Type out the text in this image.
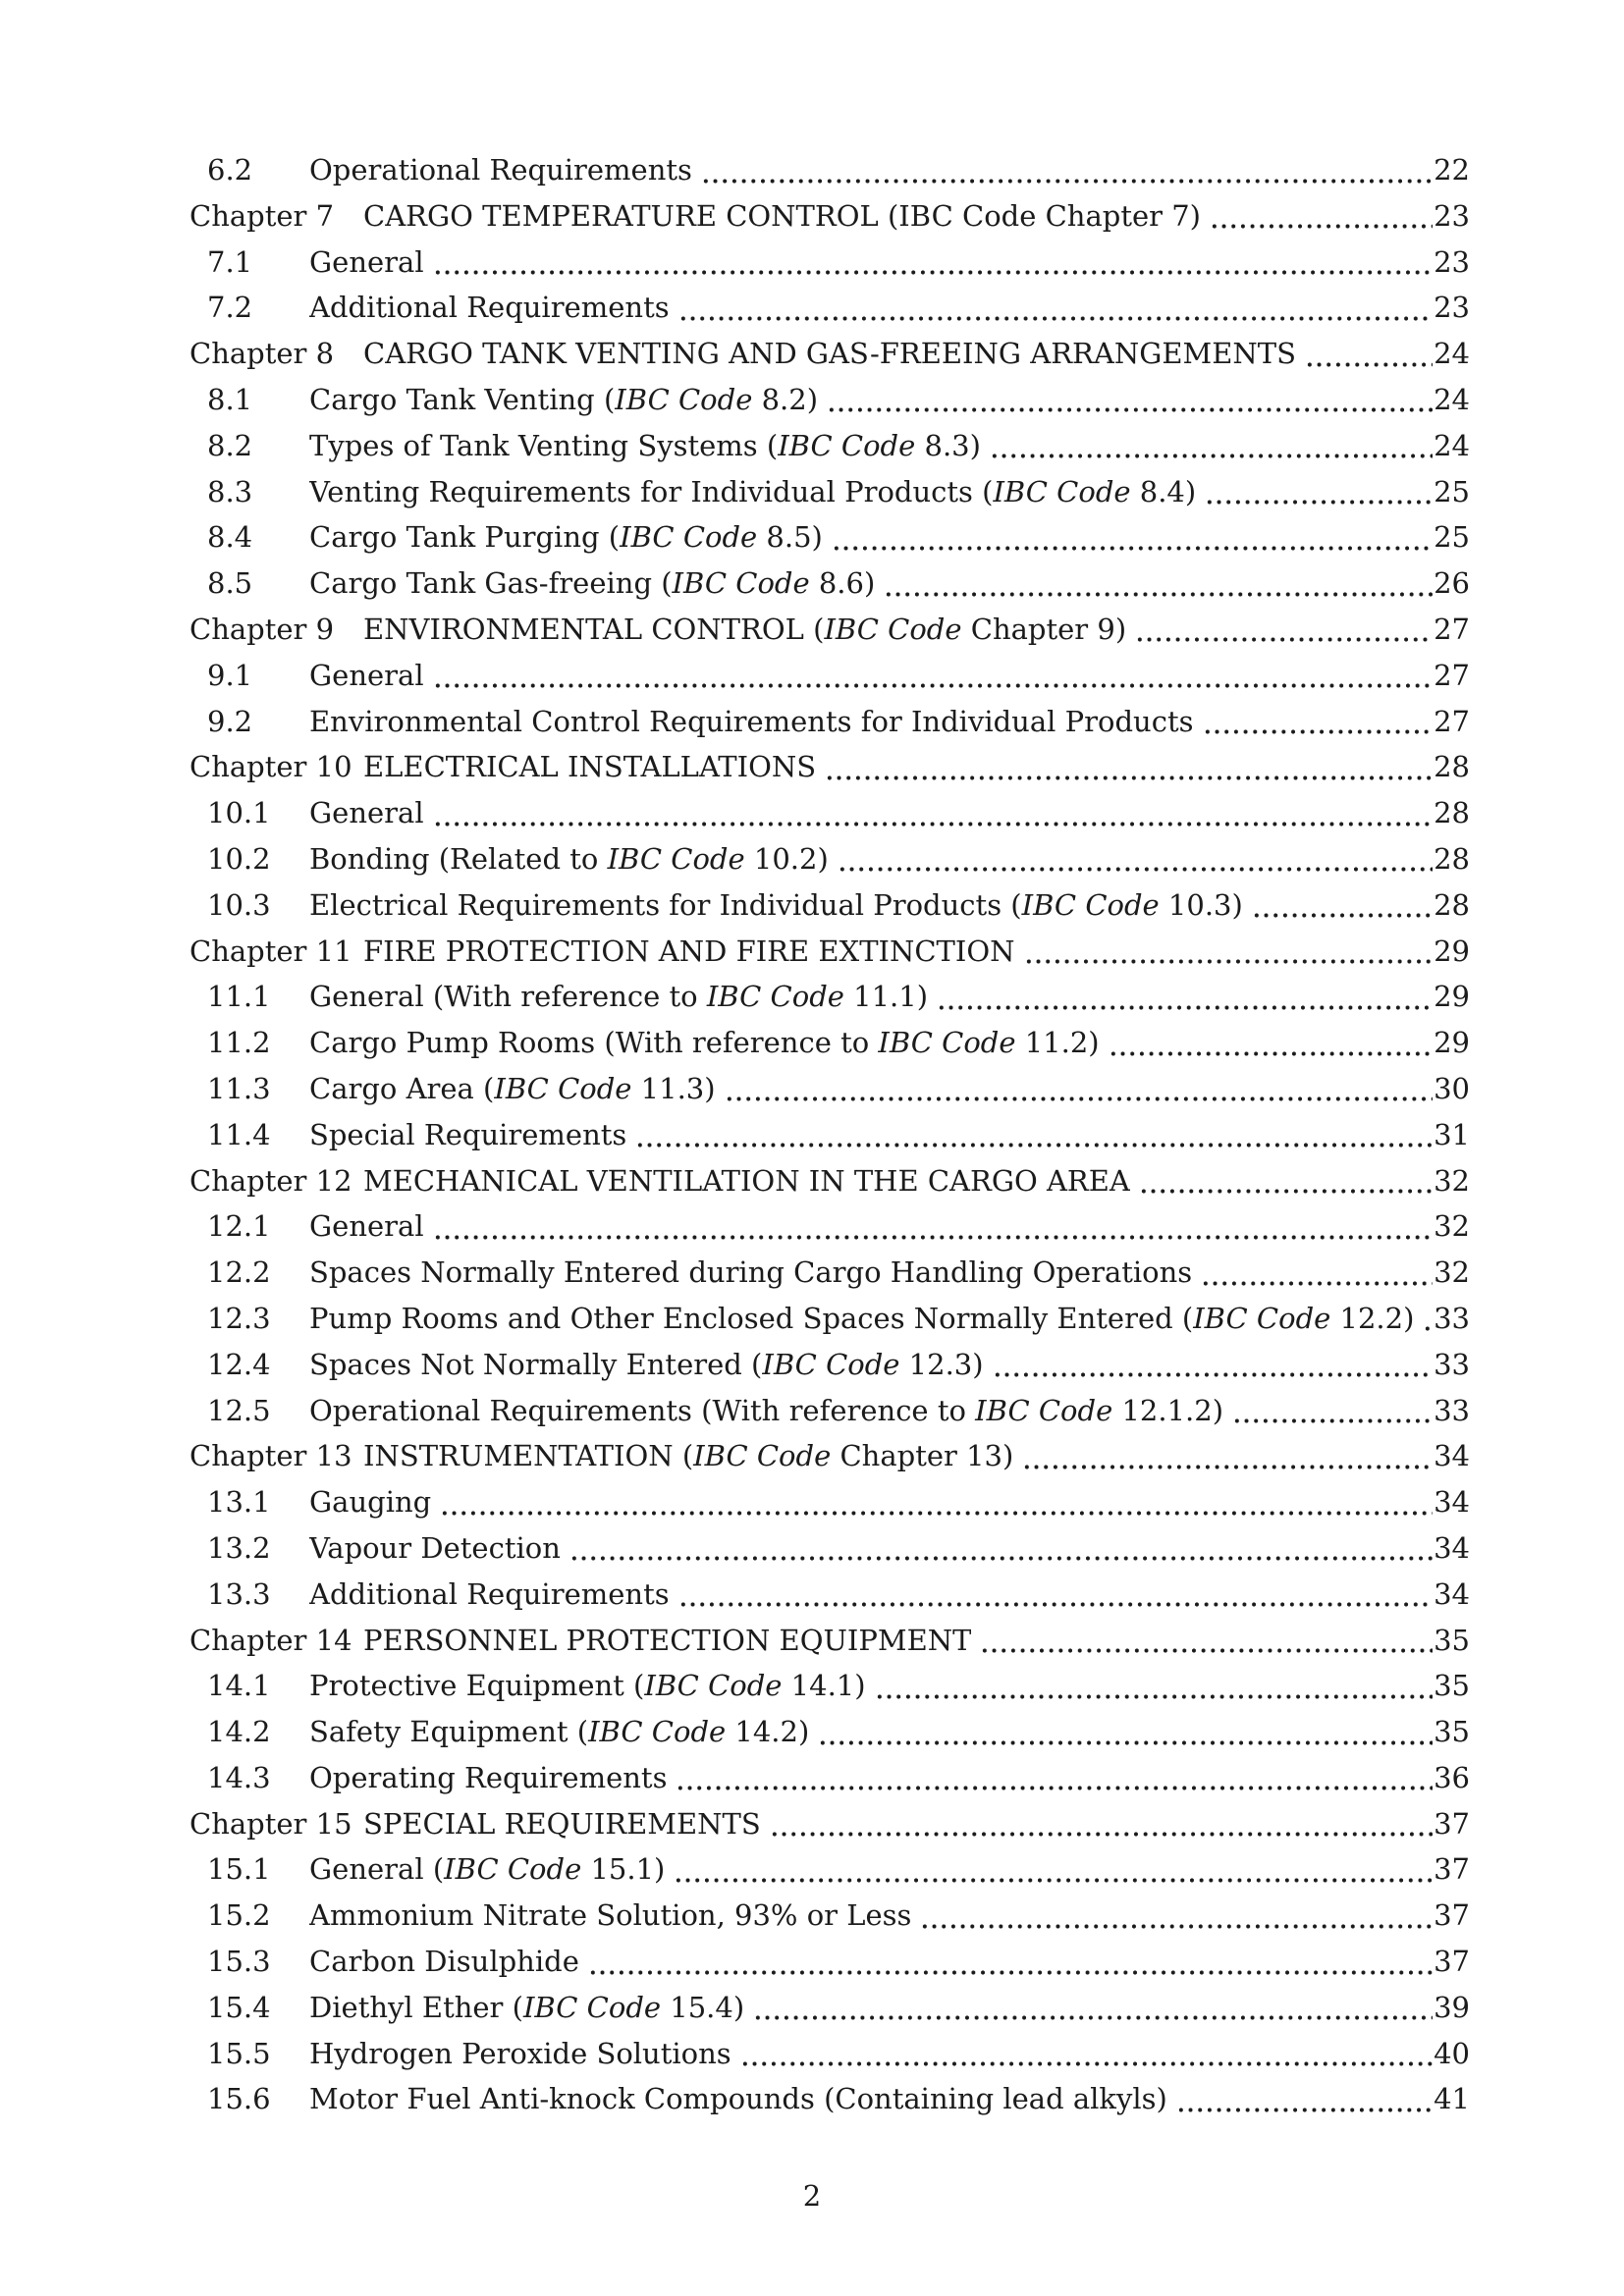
6.2	Operational Requirements	22
Chapter 7	CARGO TEMPERATURE CONTROL (IBC Code Chapter 7)	23
7.1	General	23
7.2	Additional Requirements	23
Chapter 8	CARGO TANK VENTING AND GAS-FREEING ARRANGEMENTS	24
8.1	Cargo Tank Venting (IBC Code 8.2)	24
8.2	Types of Tank Venting Systems (IBC Code 8.3)	24
8.3	Venting Requirements for Individual Products (IBC Code 8.4)	25
8.4	Cargo Tank Purging (IBC Code 8.5)	25
8.5	Cargo Tank Gas-freeing (IBC Code 8.6)	26
Chapter 9	ENVIRONMENTAL CONTROL (IBC Code Chapter 9)	27
9.1	General	27
9.2	Environmental Control Requirements for Individual Products	27
Chapter 10 ELECTRICAL INSTALLATIONS	28
10.1	General	28
10.2	Bonding (Related to IBC Code 10.2)	28
10.3	Electrical Requirements for Individual Products (IBC Code 10.3)	28
Chapter 11 FIRE PROTECTION AND FIRE EXTINCTION	29
11.1	General (With reference to IBC Code 11.1)	29
11.2	Cargo Pump Rooms (With reference to IBC Code 11.2)	29
11.3	Cargo Area (IBC Code 11.3)	30
11.4	Special Requirements	31
Chapter 12 MECHANICAL VENTILATION IN THE CARGO AREA	32
12.1	General	32
12.2	Spaces Normally Entered during Cargo Handling Operations	32
12.3	Pump Rooms and Other Enclosed Spaces Normally Entered (IBC Code 12.2) 33
12.4	Spaces Not Normally Entered (IBC Code 12.3)	33
12.5	Operational Requirements (With reference to IBC Code 12.1.2)	33
Chapter 13 INSTRUMENTATION (IBC Code Chapter 13)	34
13.1	Gauging	34
13.2	Vapour Detection	34
13.3	Additional Requirements	34
Chapter 14 PERSONNEL PROTECTION EQUIPMENT	35
14.1	Protective Equipment (IBC Code 14.1)	35
14.2	Safety Equipment (IBC Code 14.2)	35
14.3	Operating Requirements	36
Chapter 15 SPECIAL REQUIREMENTS	37
15.1	General (IBC Code 15.1)	37
15.2	Ammonium Nitrate Solution, 93% or Less	37
15.3	Carbon Disulphide	37
15.4	Diethyl Ether (IBC Code 15.4)	39
15.5	Hydrogen Peroxide Solutions	40
15.6	Motor Fuel Anti-knock Compounds (Containing lead alkyls)	41
2
